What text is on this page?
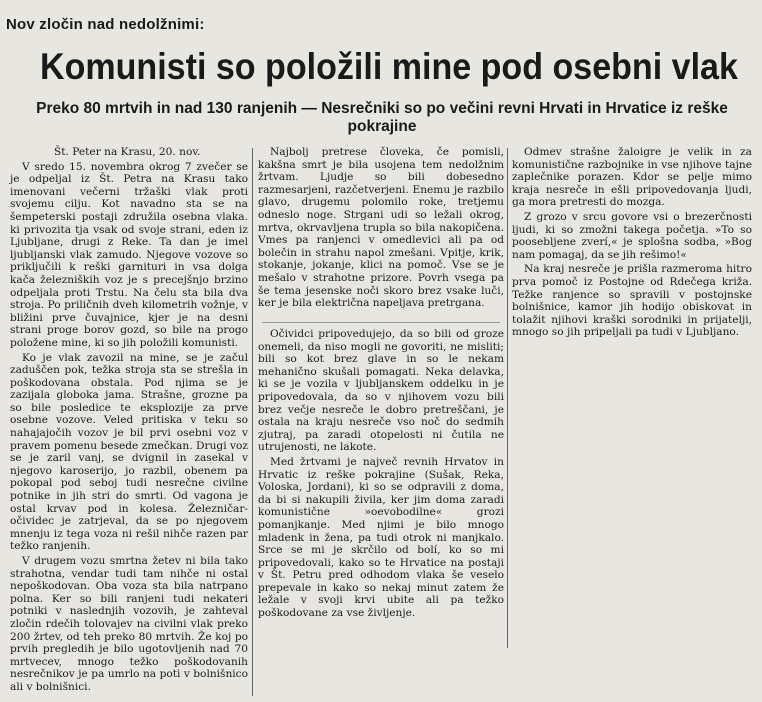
Nov zločin nad nedolžnimi:
Komunisti so položili mine pod osebni vlak
Preko 80 mrtvih in nad 130 ranjenih — Nesrečniki so po večini revni Hrvati in Hrvatice iz reške pokrajine

Št. Peter na Krasu, 20. nov.

V sredo 15. novembra okrog 7 zvečer se je odpeljal iz Št. Petra na Krasu tako imenovani večerni tržaški vlak proti svojemu cilju. Kot navadno sta se na šempeterski postaji združila osebna vlaka. ki privozita tja vsak od svoje strani, eden iz Ljubljane, drugi z Reke. Ta dan je imel ljubljanski vlak zamudo. Njegove vozove so priključili k reški garnituri in vsa dolga kača železniških voz je s precejšnjo brzino odpeljala proti Trstu. Na čelu sta bila dva stroja. Po priličnih dveh kilometrih vožnje, v bližini prve čuvajnice, kjer je na desni strani proge borov gozd, so bile na progo položene mine, ki so jih položili komunisti.

Ko je vlak zavozil na mine, se je začul zaduščen pok, težka stroja sta se strešla in poškodovana obstala. Pod njima se je zazijala globoka jama. Strašne, grozne pa so bile posledice te eksplozije za prve osebne vozove. Veled pritiska v teku so nahajajočih vozov je bil prvi osebni voz v pravem pomenu besede zmečkan. Drugi voz se je zaril vanj, se dvignil in zasekal v njegovo karoserijo, jo razbil, obenem pa pokopal pod seboj tudi nesrečne civilne potnike in jih stri do smrti. Od vagona je ostal krvav pod in kolesa. Železničar-očividec je zatrjeval, da se po njegovem mnenju iz tega voza ni rešil nihče razen par težko ranjenih.

V drugem vozu smrtna žetev ni bila tako strahotna, vendar tudi tam nihče ni ostal nepoškodovan. Oba voza sta bila natrpano polna. Ker so bili ranjeni tudi nekateri potniki v naslednjih vozovih, je zahteval zločin rdečih tolovajev na civilni vlak preko 200 žrtev, od teh preko 80 mrtvih. Že koj po prvih pregledih je bilo ugotovljenih nad 70 mrtvecev, mnogo težko poškodovanih nesrečnikov je pa umrlo na poti v bolnišnico ali v bolnišnici.

Najbolj pretrese človeka, če pomisli, kakšna smrt je bila usojena tem nedolžnim žrtvam. Ljudje so bili dobesedno razmesarjeni, razčetverjeni. Enemu je razbilo glavo, drugemu polomilo roke, tretjemu odneslo noge. Strgani udi so ležali okrog, mrtva, okrvavljena trupla so bila nakopičena. Vmes pa ranjenci v omedlevici ali pa od bolečin in strahu napol zmešani. Vpitje, krik, stokanje, jokanje, klici na pomoč. Vse se je mešalo v strahotne prizore. Povrh vsega pa še tema jesenske noči skoro brez vsake luči, ker je bila električna napeljava pretrgana.

Očividci pripovedujejo, da so bili od groze onemeli, da niso mogli ne govoriti, ne misliti; bili so kot brez glave in so le nekam mehanično skušali pomagati. Neka delavka, ki se je vozila v ljubljanskem oddelku in je pripovedovala, da so v njihovem vozu bili brez večje nesreče le dobro pretreščani, je ostala na kraju nesreče vso noč do sedmih zjutraj, pa zaradi otopelosti ni čutila ne utrujenosti, ne lakote.

Med žrtvami je največ revnih Hrvatov in Hrvatic iz reške pokrajine (Sušak, Reka, Voloska, Jordani), ki so se odpravili z doma, da bi si nakupili živila, ker jim doma zaradi komunistične »oevobodilne« grozi pomanjkanje. Med njimi je bilo mnogo mladenk in žena, pa tudi otrok ni manjkalo. Srce se mi je skrčilo od bolí, ko so mi pripovedovali, kako so te Hrvatice na postaji v Št. Petru pred odhodom vlaka še veselo prepevale in kako so nekaj minut zatem že ležale v svoji krvi ubite ali pa težko poškodovane za vse življenje.

Odmev strašne žaloigre je velik in za komunistične razbojnike in vse njihove tajne zaplečnike porazen. Kdor se pelje mimo kraja nesreče in ešli pripovedovanja ljudi, ga mora pretresti do mozga.

Z grozo v srcu govore vsi o brezerčnosti ljudi, ki so zmožni takega početja. »To so poosebljene zverí,« je splošna sodba, »Bog nam pomagaj, da se jih rešimo!«

Na kraj nesreče je prišla razmeroma hitro prva pomoč iz Postojne od Rdečega križa. Težke ranjence so spravili v postojnske bolnišnice, kamor jih hodijo obiskovat in tolažit njihovi kraški sorodniki in prijatelji, mnogo so jih pripeljali pa tudi v Ljubljano.
